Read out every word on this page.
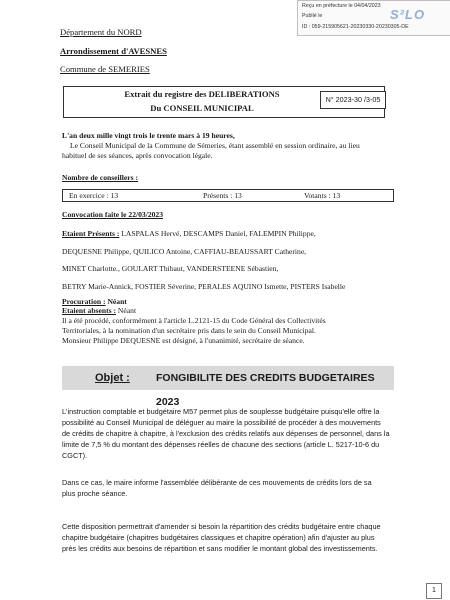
Reçu en préfecture le 04/04/2023
Publié le
ID : 059-215905621-20230330-20230305-DE
S²LO
Département du NORD
Arrondissement d'AVESNES
Commune de SEMERIES
Extrait du registre des DELIBERATIONS
Du CONSEIL MUNICIPAL
N° 2023-30 /3-05
L'an deux mille vingt trois le trente mars à 19 heures,
Le Conseil Municipal de la Commune de Sémeries, étant assemblé en session ordinaire, au lieu
habituel de ses séances, après convocation légale.
Nombre de conseillers :
En exercice : 13	Présents : 13	Votants : 13
Convocation faite le 22/03/2023
Etaient Présents : LASPALAS Hervé, DESCAMPS Daniel, FALEMPIN Philippe,
DEQUESNE Philippe, QUILICO Antoine, CAFFIAU-BEAUSSART Catherine,
MINET Charlotte., GOULART Thibaut, VANDERSTEENE Sébastien,
BETRY Marie-Annick, FOSTIER Séverine, PERALES AQUINO Ismette, PISTERS Isabelle
Procuration : Néant
Etaient absents : Néant
Il a été procédé, conformément à l'article L.2121-15 du Code Général des Collectivités
Territoriales, à la nomination d'un secrétaire pris dans le sein du Conseil Municipal.
Monsieur Philippe DEQUESNE est désigné, à l'unanimité, secrétaire de séance.
Objet : FONGIBILITE DES CREDITS BUDGETAIRES 2023
L'instruction comptable et budgétaire M57 permet plus de souplesse budgétaire puisqu'elle offre la
possibilité au Conseil Municipal de déléguer au maire la possibilité de procéder à des mouvements
de crédits de chapitre à chapitre, à l'exclusion des crédits relatifs aux dépenses de personnel, dans la
limite de 7,5 % du montant des dépenses réelles de chacune des sections (article L. 5217-10-6 du
CGCT).
Dans ce cas, le maire informe l'assemblée délibérante de ces mouvements de crédits lors de sa
plus proche séance.
Cette disposition permettrait d'amender si besoin la répartition des crédits budgétaire entre chaque
chapitre budgétaire (chapitres budgétaires classiques et chapitre opération) afin d'ajuster au plus
près les crédits aux besoins de répartition et sans modifier le montant global des investissements.
1
